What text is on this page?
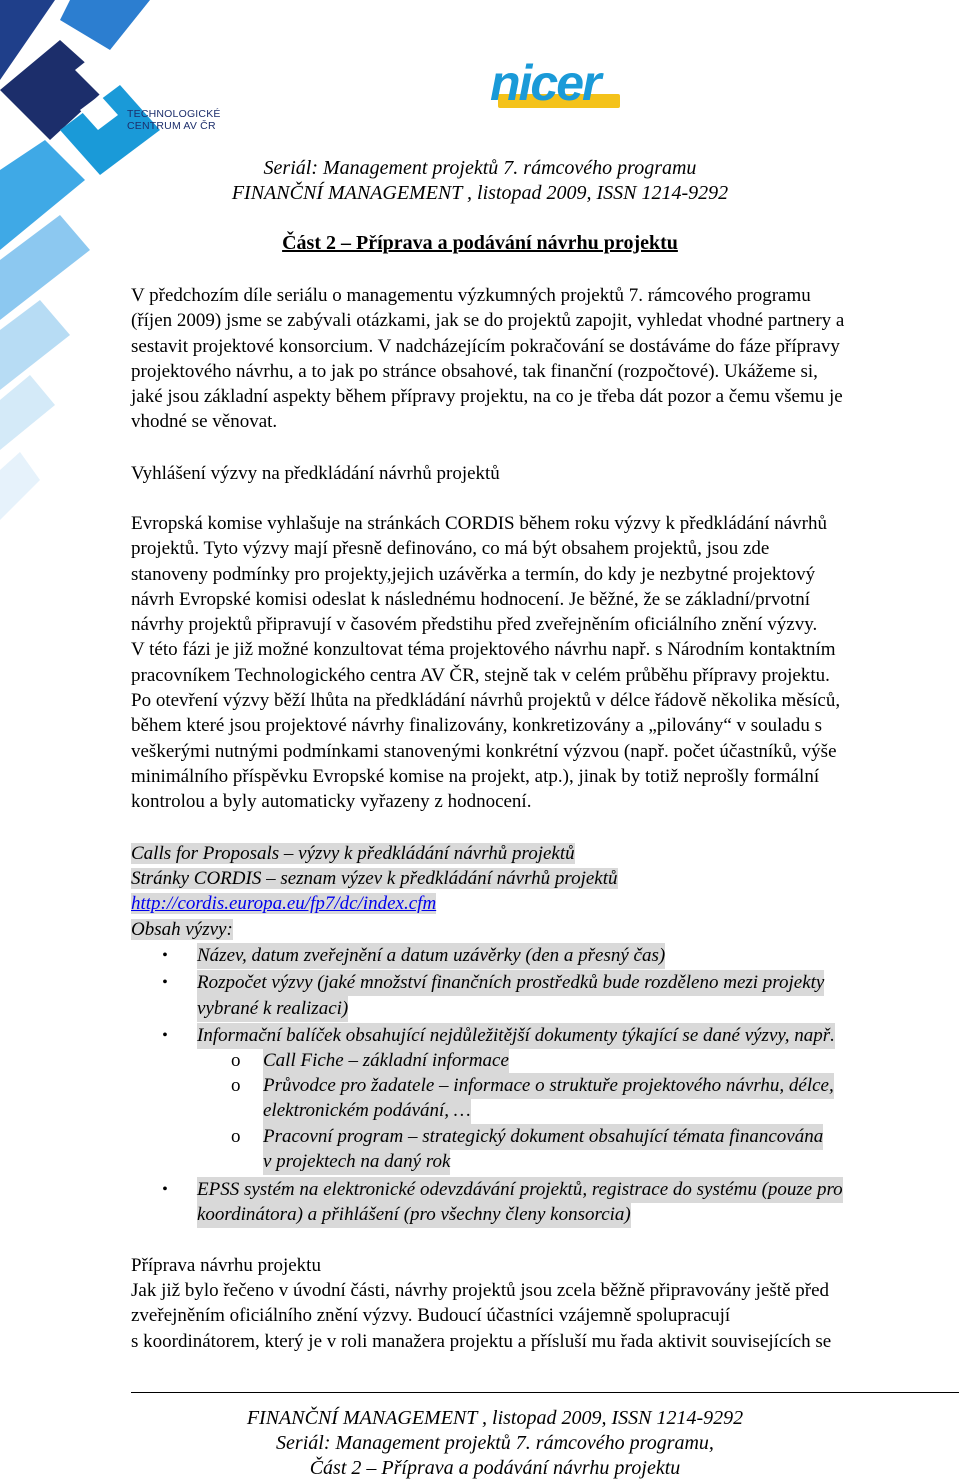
TECHNOLOGICKÉ
CENTRUM AV ČR
nicer
Seriál: Management projektů 7. rámcového programu
FINANČNÍ MANAGEMENT , listopad 2009, ISSN 1214-9292
Část 2 – Příprava a podávání návrhu projektu
V předchozím díle seriálu o managementu výzkumných projektů 7. rámcového programu
(říjen 2009) jsme se zabývali otázkami, jak se do projektů zapojit, vyhledat vhodné partnery a
sestavit projektové konsorcium. V nadcházejícím pokračování se dostáváme do fáze přípravy
projektového návrhu, a to jak po stránce obsahové, tak finanční (rozpočtové). Ukážeme si,
jaké jsou základní aspekty během přípravy projektu, na co je třeba dát pozor a čemu všemu je
vhodné se věnovat.
Vyhlášení výzvy na předkládání návrhů projektů
Evropská komise vyhlašuje na stránkách CORDIS během roku výzvy k předkládání návrhů
projektů. Tyto výzvy mají přesně definováno, co má být obsahem projektů, jsou zde
stanoveny podmínky pro projekty,jejich uzávěrka a termín, do kdy je nezbytné projektový
návrh Evropské komisi odeslat k následnému hodnocení. Je běžné, že se základní/prvotní
návrhy projektů připravují v časovém předstihu před zveřejněním oficiálního znění výzvy.
V této fázi je již možné konzultovat téma projektového návrhu např. s Národním kontaktním
pracovníkem Technologického centra AV ČR, stejně tak v celém průběhu přípravy projektu.
Po otevření výzvy běží lhůta na předkládání návrhů projektů v délce řádově několika měsíců,
během které jsou projektové návrhy finalizovány, konkretizovány a „pilovány“ v souladu s
veškerými nutnými podmínkami stanovenými konkrétní výzvou (např. počet účastníků, výše
minimálního příspěvku Evropské komise na projekt, atp.), jinak by totiž neprošly formální
kontrolou a byly automaticky vyřazeny z hodnocení.
Calls for Proposals – výzvy k předkládání návrhů projektů
Stránky CORDIS – seznam výzev k předkládání návrhů projektů
http://cordis.europa.eu/fp7/dc/index.cfm
Obsah výzvy:
• Název, datum zveřejnění a datum uzávěrky (den a přesný čas)
• Rozpočet výzvy (jaké množství finančních prostředků bude rozděleno mezi projekty
vybrané k realizaci)
• Informační balíček obsahující nejdůležitější dokumenty týkající se dané výzvy, např.
o Call Fiche – základní informace
o Průvodce pro žadatele – informace o struktuře projektového návrhu, délce,
elektronickém podávání, …
o Pracovní program – strategický dokument obsahující témata financována
v projektech na daný rok
• EPSS systém na elektronické odevzdávání projektů, registrace do systému (pouze pro
koordinátora) a přihlášení (pro všechny členy konsorcia)
Příprava návrhu projektu
Jak již bylo řečeno v úvodní části, návrhy projektů jsou zcela běžně připravovány ještě před
zveřejněním oficiálního znění výzvy. Budoucí účastníci vzájemně spolupracují
s koordinátorem, který je v roli manažera projektu a přísluší mu řada aktivit souvisejících se
FINANČNÍ MANAGEMENT , listopad 2009, ISSN 1214-9292
Seriál: Management projektů 7. rámcového programu,
Část 2 – Příprava a podávání návrhu projektu
